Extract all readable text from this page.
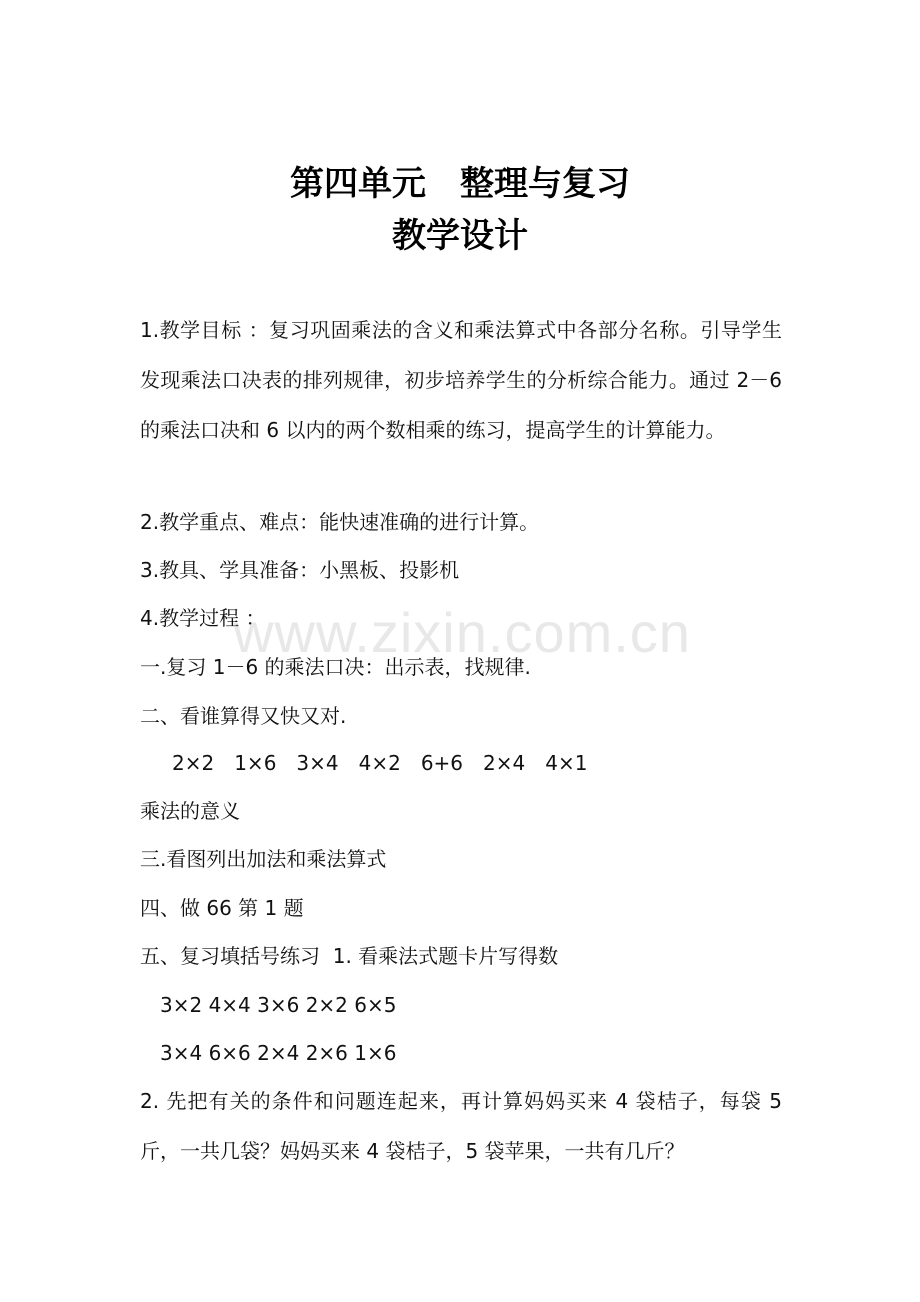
第四单元　整理与复习
教学设计

1.教学目标 ：复习巩固乘法的含义和乘法算式中各部分名称。引导学生发现乘法口决表的排列规律，初步培养学生的分析综合能力。通过 2－6 的乘法口决和 6 以内的两个数相乘的练习，提高学生的计算能力。

2.教学重点、难点：能快速准确的进行计算。
3.教具、学具准备：小黑板、投影机
4.教学过程 ：
一.复习 1－6 的乘法口决：出示表，找规律.
二、看谁算得又快又对.
2×2　1×6　3×4　4×2　6+6　2×4　4×1
乘法的意义
三.看图列出加法和乘法算式
四、做 66 第 1 题
五、复习填括号练习  1. 看乘法式题卡片写得数
3×2 4×4 3×6 2×2 6×5
3×4 6×6 2×4 2×6 1×6

2. 先把有关的条件和问题连起来，再计算妈妈买来 4 袋桔子，每袋 5 斤，一共几袋？妈妈买来 4 袋桔子，5 袋苹果，一共有几斤？

www.zixin.com.cn
